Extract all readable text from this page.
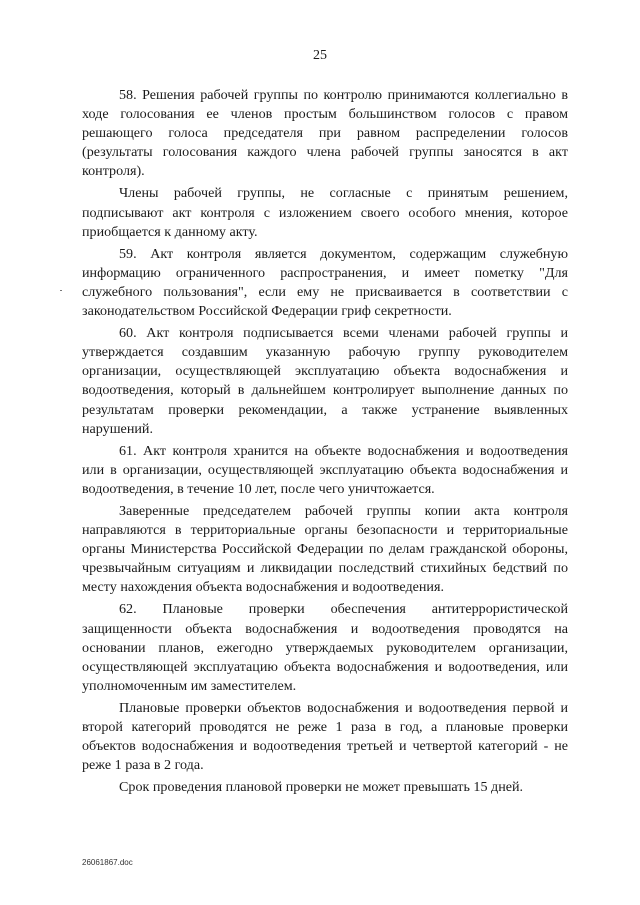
25

58. Решения рабочей группы по контролю принимаются коллегиально в ходе голосования ее членов простым большинством голосов с правом решающего голоса председателя при равном распределении голосов (результаты голосования каждого члена рабочей группы заносятся в акт контроля).

Члены рабочей группы, не согласные с принятым решением, подписывают акт контроля с изложением своего особого мнения, которое приобщается к данному акту.

59. Акт контроля является документом, содержащим служебную информацию ограниченного распространения, и имеет пометку "Для служебного пользования", если ему не присваивается в соответствии с законодательством Российской Федерации гриф секретности.

60. Акт контроля подписывается всеми членами рабочей группы и утверждается создавшим указанную рабочую группу руководителем организации, осуществляющей эксплуатацию объекта водоснабжения и водоотведения, который в дальнейшем контролирует выполнение данных по результатам проверки рекомендации, а также устранение выявленных нарушений.

61. Акт контроля хранится на объекте водоснабжения и водоотведения или в организации, осуществляющей эксплуатацию объекта водоснабжения и водоотведения, в течение 10 лет, после чего уничтожается.

Заверенные председателем рабочей группы копии акта контроля направляются в территориальные органы безопасности и территориальные органы Министерства Российской Федерации по делам гражданской обороны, чрезвычайным ситуациям и ликвидации последствий стихийных бедствий по месту нахождения объекта водоснабжения и водоотведения.

62. Плановые проверки обеспечения антитеррористической защищенности объекта водоснабжения и водоотведения проводятся на основании планов, ежегодно утверждаемых руководителем организации, осуществляющей эксплуатацию объекта водоснабжения и водоотведения, или уполномоченным им заместителем.

Плановые проверки объектов водоснабжения и водоотведения первой и второй категорий проводятся не реже 1 раза в год, а плановые проверки объектов водоснабжения и водоотведения третьей и четвертой категорий - не реже 1 раза в 2 года.

Срок проведения плановой проверки не может превышать 15 дней.

26061867.doc
